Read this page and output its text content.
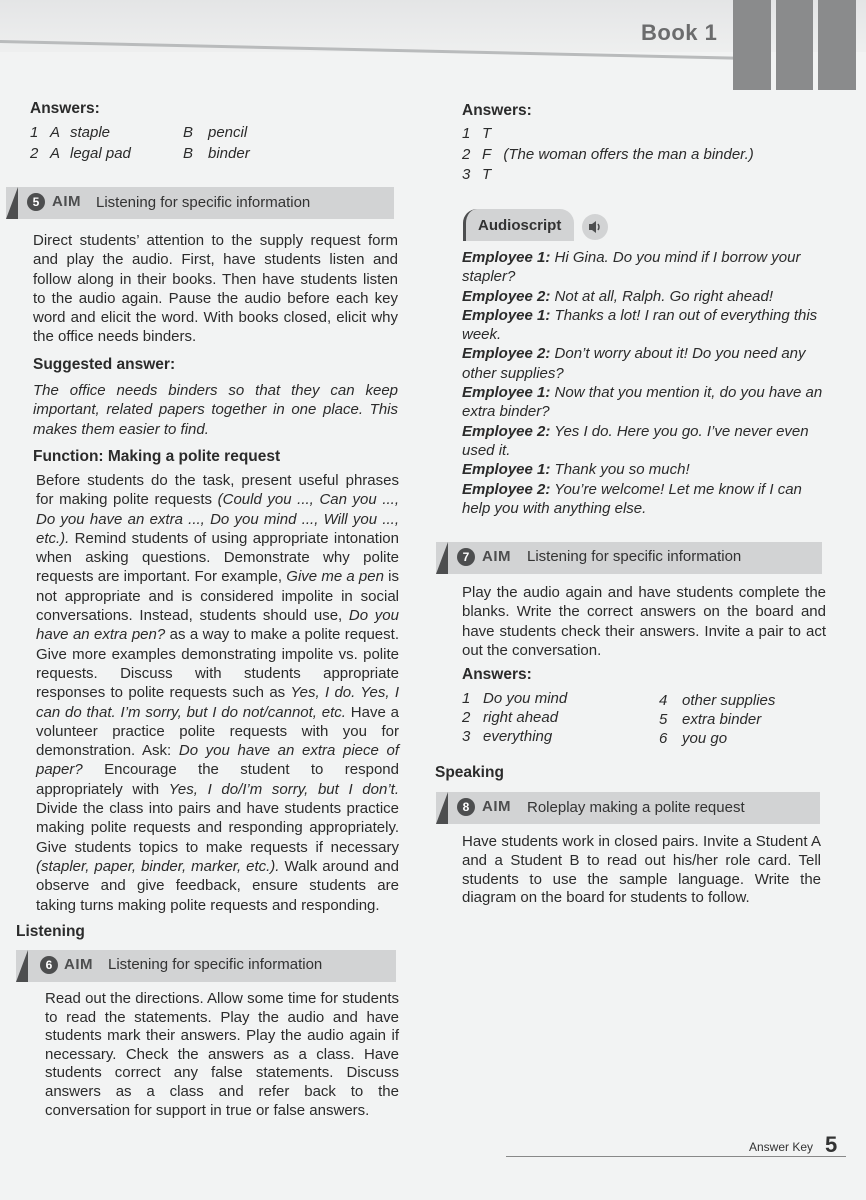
Book 1
Answers:
1 A staple	B pencil
2 A legal pad	B binder
5 AIM Listening for specific information
Direct students’ attention to the supply request form and play the audio. First, have students listen and follow along in their books. Then have students listen to the audio again. Pause the audio before each key word and elicit the word. With books closed, elicit why the office needs binders.
Suggested answer:
The office needs binders so that they can keep important, related papers together in one place. This makes them easier to find.
Function: Making a polite request
Before students do the task, present useful phrases for making polite requests (Could you ..., Can you ..., Do you have an extra ..., Do you mind ..., Will you ..., etc.). Remind students of using appropriate intonation when asking questions. Demonstrate why polite requests are important. For example, Give me a pen is not appropriate and is considered impolite in social conversations. Instead, students should use, Do you have an extra pen? as a way to make a polite request. Give more examples demonstrating impolite vs. polite requests. Discuss with students appropriate responses to polite requests such as Yes, I do. Yes, I can do that. I’m sorry, but I do not/cannot, etc. Have a volunteer practice polite requests with you for demonstration. Ask: Do you have an extra piece of paper? Encourage the student to respond appropriately with Yes, I do/I’m sorry, but I don’t. Divide the class into pairs and have students practice making polite requests and responding appropriately. Give students topics to make requests if necessary (stapler, paper, binder, marker, etc.). Walk around and observe and give feedback, ensure students are taking turns making polite requests and responding.
Listening
6 AIM Listening for specific information
Read out the directions. Allow some time for students to read the statements. Play the audio and have students mark their answers. Play the audio again if necessary. Check the answers as a class. Have students correct any false statements. Discuss answers as a class and refer back to the conversation for support in true or false answers.
Answers:
1 T
2 F   (The woman offers the man a binder.)
3 T
Audioscript
Employee 1: Hi Gina. Do you mind if I borrow your stapler?
Employee 2: Not at all, Ralph. Go right ahead!
Employee 1: Thanks a lot! I ran out of everything this week.
Employee 2: Don’t worry about it! Do you need any other supplies?
Employee 1: Now that you mention it, do you have an extra binder?
Employee 2: Yes I do. Here you go. I’ve never even used it.
Employee 1: Thank you so much!
Employee 2: You’re welcome! Let me know if I can help you with anything else.
7 AIM Listening for specific information
Play the audio again and have students complete the blanks. Write the correct answers on the board and have students check their answers. Invite a pair to act out the conversation.
Answers:
1 Do you mind
2 right ahead
3 everything
4 other supplies
5 extra binder
6 you go
Speaking
8 AIM Roleplay making a polite request
Have students work in closed pairs. Invite a Student A and a Student B to read out his/her role card. Tell students to use the sample language. Write the diagram on the board for students to follow.
Answer Key 5
